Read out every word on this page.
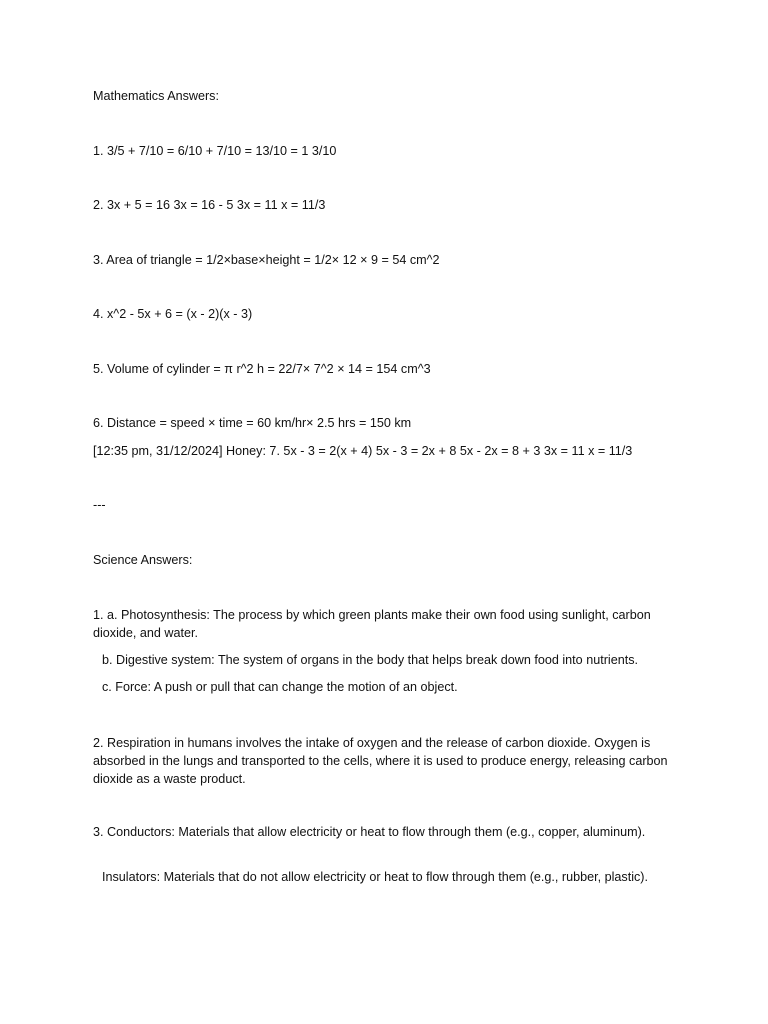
Mathematics Answers:

1. 3/5 + 7/10 = 6/10 + 7/10 = 13/10 = 1 3/10

2. 3x + 5 = 16 3x = 16 - 5 3x = 11 x = 11/3

3. Area of triangle = 1/2×base×height = 1/2× 12 × 9 = 54 cm^2

4. x^2 - 5x + 6 = (x - 2)(x - 3)

5. Volume of cylinder = π r^2 h = 22/7× 7^2 × 14 = 154 cm^3

6. Distance = speed × time = 60 km/hr× 2.5 hrs = 150 km

[12:35 pm, 31/12/2024] Honey: 7. 5x - 3 = 2(x + 4) 5x - 3 = 2x + 8 5x - 2x = 8 + 3 3x = 11 x = 11/3

---

Science Answers:

1. a. Photosynthesis: The process by which green plants make their own food using sunlight, carbon dioxide, and water.

b. Digestive system: The system of organs in the body that helps break down food into nutrients.

c. Force: A push or pull that can change the motion of an object.

2. Respiration in humans involves the intake of oxygen and the release of carbon dioxide. Oxygen is absorbed in the lungs and transported to the cells, where it is used to produce energy, releasing carbon dioxide as a waste product.

3. Conductors: Materials that allow electricity or heat to flow through them (e.g., copper, aluminum).

Insulators: Materials that do not allow electricity or heat to flow through them (e.g., rubber, plastic).
